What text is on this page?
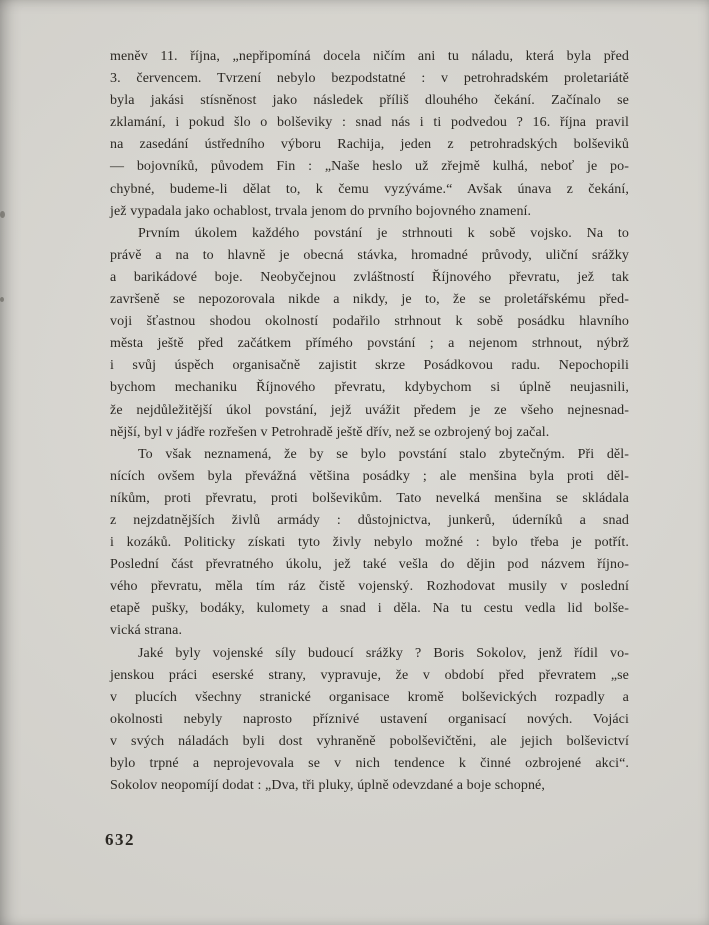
meněv 11. října, „nepřipomíná docela ničím ani tu náladu, která byla před
3. červencem. Tvrzení nebylo bezpodstatné : v petrohradském proletariátě
byla jakási stísněnost jako následek příliš dlouhého čekání. Začínalo se
zklamání, i pokud šlo o bolševiky : snad nás i ti podvedou ? 16. října pravil
na zasedání ústředního výboru Rachija, jeden z petrohradských bolševiků
— bojovníků, původem Fin : „Naše heslo už zřejmě kulhá, neboť je po-
chybné, budeme-li dělat to, k čemu vyzýváme.“ Avšak únava z čekání,
jež vypadala jako ochablost, trvala jenom do prvního bojovného znamení.
Prvním úkolem každého povstání je strhnouti k sobě vojsko. Na to
právě a na to hlavně je obecná stávka, hromadné průvody, uliční srážky
a barikádové boje. Neobyčejnou zvláštností Říjnového převratu, jež tak
završeně se nepozorovala nikde a nikdy, je to, že se proletářskému před-
voji šťastnou shodou okolností podařilo strhnout k sobě posádku hlavního
města ještě před začátkem přímého povstání ; a nejenom strhnout, nýbrž
i svůj úspěch organisačně zajistit skrze Posádkovou radu. Nepochopili
bychom mechaniku Říjnového převratu, kdybychom si úplně neujasnili,
že nejdůležitější úkol povstání, jejž uvážit předem je ze všeho nejnesnad-
nější, byl v jádře rozřešen v Petrohradě ještě dřív, než se ozbrojený boj začal.
To však neznamená, že by se bylo povstání stalo zbytečným. Při děl-
nících ovšem byla převážná většina posádky ; ale menšina byla proti děl-
níkům, proti převratu, proti bolševikům. Tato nevelká menšina se skládala
z nejzdatnějších živlů armády : důstojnictva, junkerů, úderníků a snad
i kozáků. Politicky získati tyto živly nebylo možné : bylo třeba je potřít.
Poslední část převratného úkolu, jež také vešla do dějin pod názvem říjno-
vého převratu, měla tím ráz čistě vojenský. Rozhodovat musily v poslední
etapě pušky, bodáky, kulomety a snad i děla. Na tu cestu vedla lid bolše-
vická strana.
Jaké byly vojenské síly budoucí srážky ? Boris Sokolov, jenž řídil vo-
jenskou práci eserské strany, vypravuje, že v období před převratem „se
v plucích všechny stranické organisace kromě bolševických rozpadly a
okolnosti nebyly naprosto příznivé ustavení organisací nových. Vojáci
v svých náladách byli dost vyhraněně pobolševičtěni, ale jejich bolševictví
bylo trpné a neprojevovala se v nich tendence k činné ozbrojené akci“.
Sokolov neopomíjí dodat : „Dva, tři pluky, úplně odevzdané a boje schopné,
632
